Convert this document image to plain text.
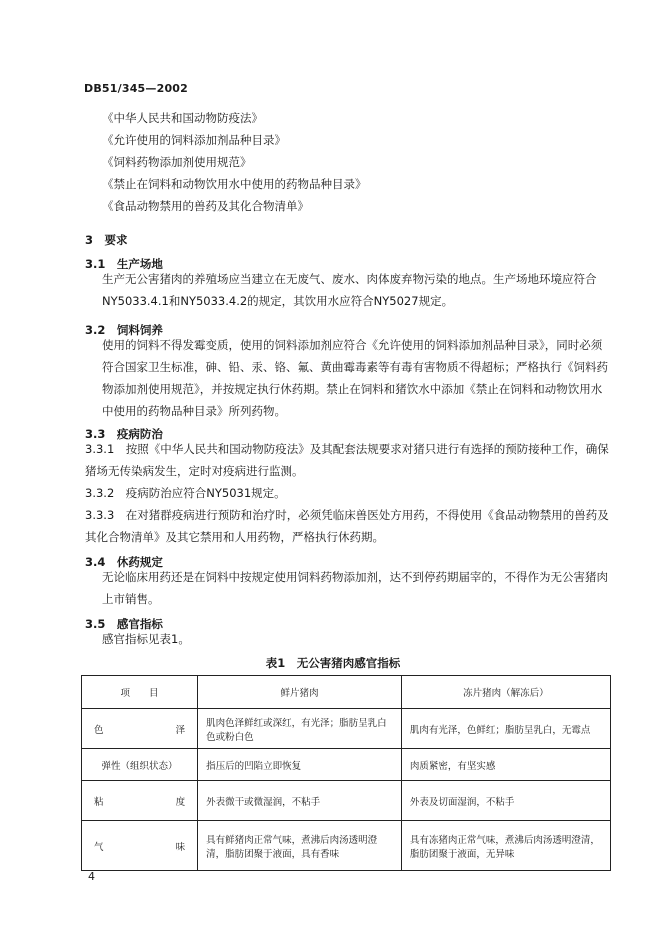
DB51/345—2002
《中华人民共和国动物防疫法》
《允许使用的饲料添加剂品种目录》
《饲料药物添加剂使用规范》
《禁止在饲料和动物饮用水中使用的药物品种目录》
《食品动物禁用的兽药及其化合物清单》
3　要求
3.1　生产场地

生产无公害猪肉的养殖场应当建立在无废气、废水、肉体废弃物污染的地点。生产场地环境应符合NY5033.4.1和NY5033.4.2的规定，其饮用水应符合NY5027规定。

3.2　饲料饲养

使用的饲料不得发霉变质，使用的饲料添加剂应符合《允许使用的饲料添加剂品种目录》，同时必须符合国家卫生标准，砷、铅、汞、铬、氟、黄曲霉毒素等有毒有害物质不得超标；严格执行《饲料药物添加剂使用规范》，并按规定执行休药期。禁止在饲料和猪饮水中添加《禁止在饲料和动物饮用水中使用的药物品种目录》所列药物。

3.3　疫病防治

3.3.1　按照《中华人民共和国动物防疫法》及其配套法规要求对猪只进行有选择的预防接种工作，确保猪场无传染病发生，定时对疫病进行监测。

3.3.2　疫病防治应符合NY5031规定。

3.3.3　在对猪群疫病进行预防和治疗时，必须凭临床兽医处方用药，不得使用《食品动物禁用的兽药及其化合物清单》及其它禁用和人用药物，严格执行休药期。

3.4　休药规定

无论临床用药还是在饲料中按规定使用饲料药物添加剂，达不到停药期届宰的，不得作为无公害猪肉上市销售。

3.5　感官指标

感官指标见表1。

表1　无公害猪肉感官指标
项　　目	鲜片猪肉	冻片猪肉（解冻后）

色 泽	肌肉色泽鲜红或深红，有光泽；脂肪呈乳白色或粉白色	肌肉有光泽，色鲜红；脂肪呈乳白，无霉点
弹性（组织状态）	指压后的凹陷立即恢复	肉质紧密，有坚实感

粘 度	外表微干或微湿润，不粘手	外表及切面湿润，不粘手

气 味	具有鲜猪肉正常气味，煮沸后肉汤透明澄清，脂肪团聚于液面，具有香味	具有冻猪肉正常气味，煮沸后肉汤透明澄清，脂肪团聚于液面，无异味
4
